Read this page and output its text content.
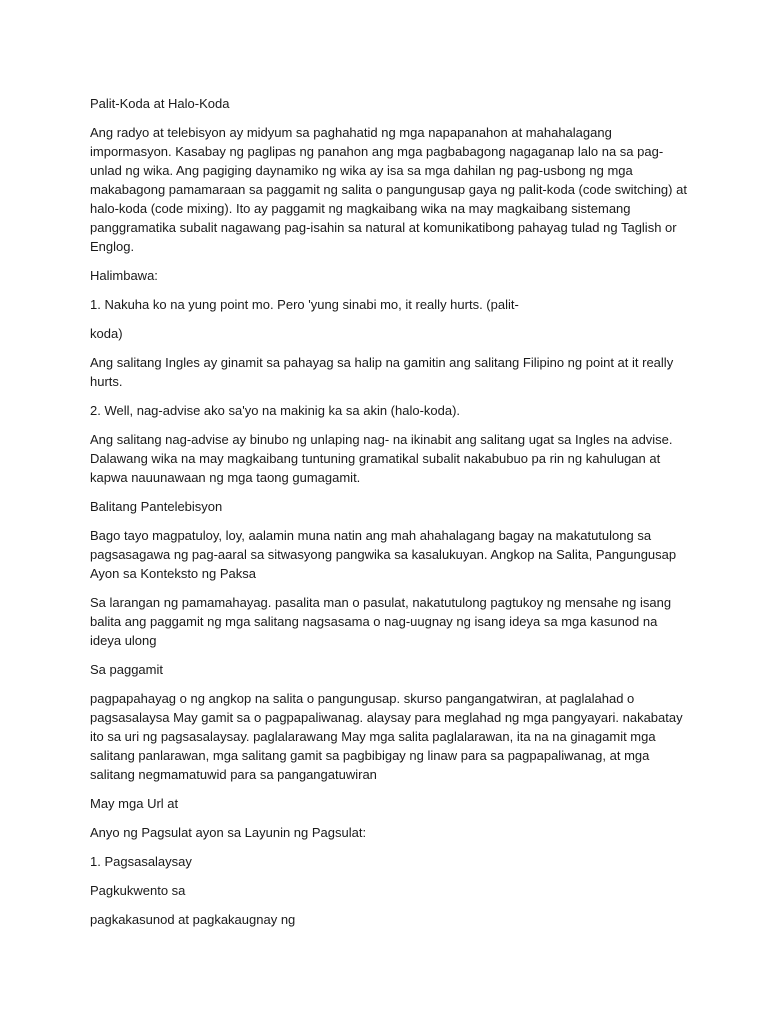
Palit-Koda at Halo-Koda

Ang radyo at telebisyon ay midyum sa paghahatid ng mga napapanahon at mahahalagang impormasyon. Kasabay ng paglipas ng panahon ang mga pagbabagong nagaganap lalo na sa pag-unlad ng wika. Ang pagiging daynamiko ng wika ay isa sa mga dahilan ng pag-usbong ng mga makabagong pamamaraan sa paggamit ng salita o pangungusap gaya ng palit-koda (code switching) at halo-koda (code mixing). Ito ay paggamit ng magkaibang wika na may magkaibang sistemang panggramatika subalit nagawang pag-isahin sa natural at komunikatibong pahayag tulad ng Taglish or Englog.

Halimbawa:

1. Nakuha ko na yung point mo. Pero 'yung sinabi mo, it really hurts. (palit-

koda)

Ang salitang Ingles ay ginamit sa pahayag sa halip na gamitin ang salitang Filipino ng point at it really hurts.

2. Well, nag-advise ako sa'yo na makinig ka sa akin (halo-koda).

Ang salitang nag-advise ay binubo ng unlaping nag- na ikinabit ang salitang ugat sa Ingles na advise. Dalawang wika na may magkaibang tuntuning gramatikal subalit nakabubuo pa rin ng kahulugan at kapwa nauunawaan ng mga taong gumagamit.

Balitang Pantelebisyon

Bago tayo magpatuloy, loy, aalamin muna natin ang mah ahahalagang bagay na makatutulong sa pagsasagawa ng pag-aaral sa sitwasyong pangwika sa kasalukuyan. Angkop na Salita, Pangungusap Ayon sa Konteksto ng Paksa

Sa larangan ng pamamahayag. pasalita man o pasulat, nakatutulong pagtukoy ng mensahe ng isang balita ang paggamit ng mga salitang nagsasama o nag-uugnay ng isang ideya sa mga kasunod na ideya ulong

Sa paggamit

pagpapahayag o ng angkop na salita o pangungusap. skurso pangangatwiran, at paglalahad o pagsasalaysa May gamit sa o pagpapaliwanag. alaysay para meglahad ng mga pangyayari. nakabatay ito sa uri ng pagsasalaysay. paglalarawang May mga salita paglalarawan, ita na na ginagamit mga salitang panlarawan, mga salitang gamit sa pagbibigay ng linaw para sa pagpapaliwanag, at mga salitang negmamatuwid para sa pangangatuwiran

May mga Url at

Anyo ng Pagsulat ayon sa Layunin ng Pagsulat:

1. Pagsasalaysay

Pagkukwento sa

pagkakasunod at pagkakaugnay ng
